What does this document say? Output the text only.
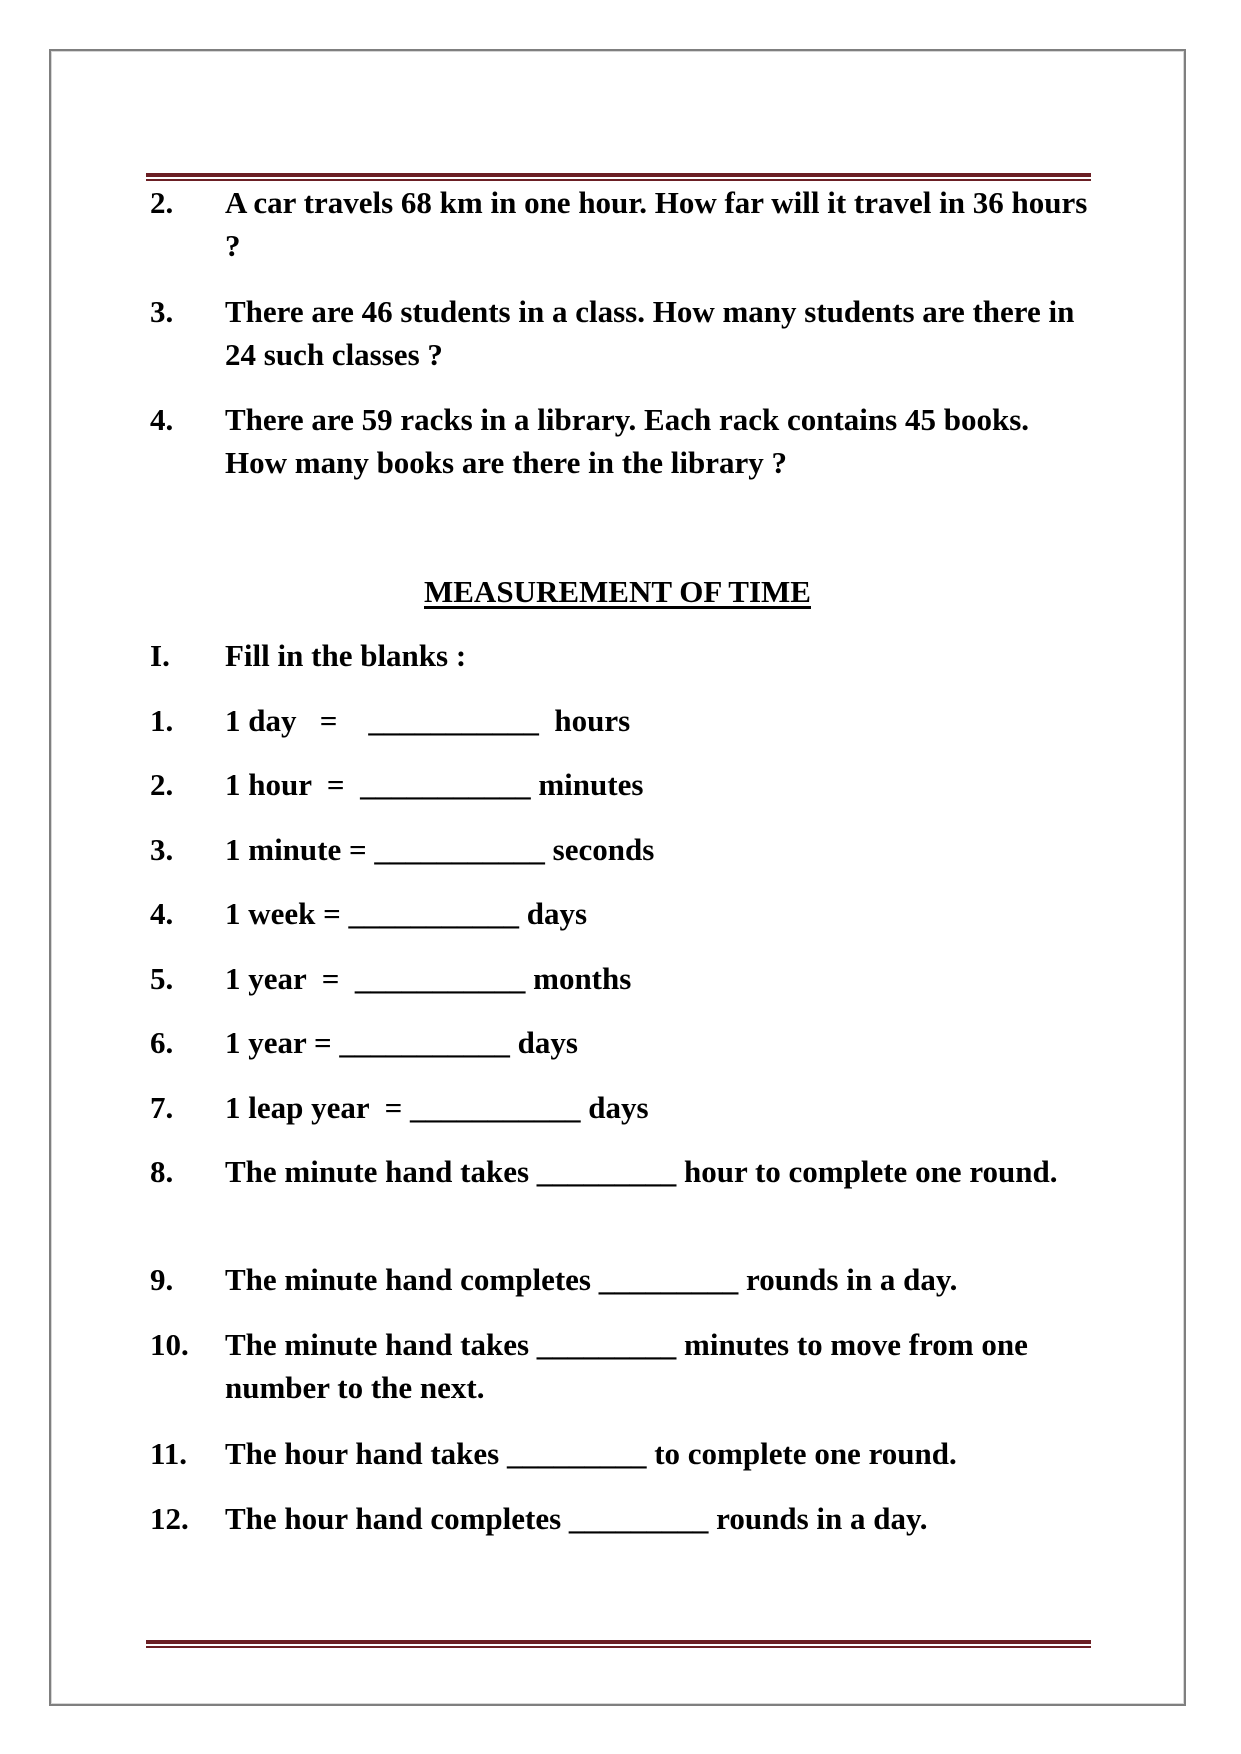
2. A car travels 68 km in one hour. How far will it travel in 36 hours ?
3. There are 46 students in a class. How many students are there in 24 such classes ?
4. There are 59 racks in a library. Each rack contains 45 books. How many books are there in the library ?
MEASUREMENT OF TIME
I. Fill in the blanks :
1. 1 day   =    ___________  hours
2. 1 hour  =  ___________ minutes
3. 1 minute = ___________ seconds
4. 1 week = ___________ days
5. 1 year  =  ___________ months
6. 1 year = ___________ days
7. 1 leap year  = ___________ days
8. The minute hand takes _________ hour to complete one round.
9. The minute hand completes _________ rounds in a day.
10. The minute hand takes _________ minutes to move from one number to the next.
11. The hour hand takes _________ to complete one round.
12. The hour hand completes _________ rounds in a day.
